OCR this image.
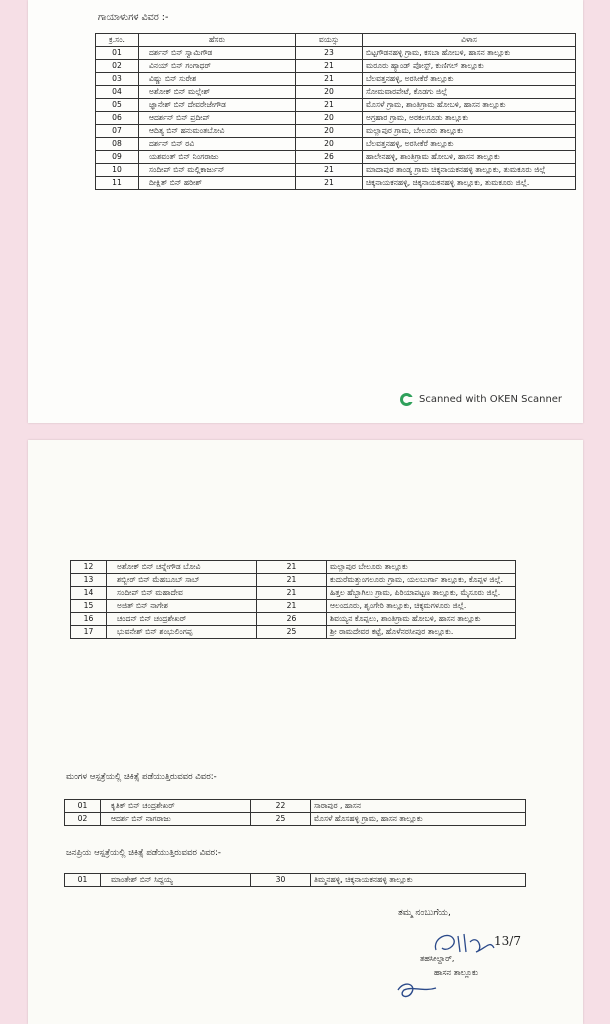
ಗಾಯಾಳುಗಳ ವಿವರ :-
ಕ್ರ.ಸಂ.	ಹೆಸರು	ವಯಸ್ಸು	ವಿಳಾಸ
01	ದರ್ಶನ್ ಬಿನ್ ಸ್ವಾಮಿಗೌಡ	23	ಬಿಟ್ಟಗೌಡನಹಳ್ಳಿ ಗ್ರಾಮ, ಕಸಬಾ ಹೋಬಳಿ, ಹಾಸನ ತಾಲ್ಲೂಕು
02	ವಿನಯ್ ಬಿನ್ ಗಂಗಾಧರ್	21	ಮರೂರು ಹ್ಯಾಂಡ್ ಪೋಸ್ಟ್, ಕುಣಿಗಲ್ ತಾಲ್ಲೂಕು
03	ವಿಷ್ಣು ಬಿನ್ ಸುರೇಶ	21	ಬೆಲವತ್ತನಹಳ್ಳಿ, ಅರಸೀಕೆರೆ ತಾಲ್ಲೂಕು
04	ಅಶೋಕ್ ಬಿನ್ ಮಲ್ಲೇಶ್	20	ಸೋಮವಾರಪೇಟೆ, ಕೊಡಗು ಜಿಲ್ಲೆ
05	ಜ್ಞಾನೇಶ್ ಬಿನ್ ದೇವರೇಜೇಗೌಡ	21	ಮೊಸಳೆ ಗ್ರಾಮ, ಶಾಂತಿಗ್ರಾಮ ಹೋಬಳಿ, ಹಾಸನ ತಾಲ್ಲೂಕು
06	ಆದರ್ಶನ್ ಬಿನ್ ಪ್ರದೀಪ್	20	ಅಗ್ರಹಾರ ಗ್ರಾಮ, ಅರಕಲಗೂಡು ತಾಲ್ಲೂಕು
07	ಆದಿತ್ಯ ಬಿನ್ ಹನುಮಂತಬೋವಿ	20	ಮಲ್ಲಾಪುರ ಗ್ರಾಮ, ಬೇಲೂರು ತಾಲ್ಲೂಕು
08	ದರ್ಶನ್ ಬಿನ್ ರವಿ	20	ಬೆಲವತ್ತನಹಳ್ಳಿ, ಅರಸೀಕೆರೆ ತಾಲ್ಲೂಕು
09	ಯಶವಂತ್ ಬಿನ್ ನಿಂಗರಾಜು	26	ಹಾಲೇನಹಳ್ಳಿ, ಶಾಂತಿಗ್ರಾಮ ಹೋಬಳಿ, ಹಾಸನ ತಾಲ್ಲೂಕು
10	ಸಂದೀಪ್ ಬಿನ್ ಮಲ್ಲಿಕಾರ್ಜುನ್	21	ಮಾದಾಪುರ ತಾಂಡ್ಯ ಗ್ರಾಮ ಚಿಕ್ಕನಾಯಕನಹಳ್ಳಿ ತಾಲ್ಲೂಕು, ತುಮಕೂರು ಜಿಲ್ಲೆ
11	ದೀಕ್ಷಿತ್ ಬಿನ್ ಹರೀಶ್	21	ಚಿಕ್ಕನಾಯಕನಹಳ್ಳಿ, ಚಿಕ್ಕನಾಯಕನಹಳ್ಳಿ ತಾಲ್ಲೂಕು, ತುಮಕೂರು ಜಿಲ್ಲೆ.
Scanned with OKEN Scanner
12	ಅಶೋಕ್ ಬಿನ್ ಚನ್ನೇಗೌಡ ಬೋವಿ	21	ಮಲ್ಲಾಪುರ ಬೇಲೂರು ತಾಲ್ಲೂಕು
13	ಶಬ್ಬೀರ್ ಬಿನ್ ಮೆಹಬೂಬ್ ಸಾಬ್	21	ಕುದುರೆಮತ್ತುಂಗಲೂರು ಗ್ರಾಮ, ಯಲಬುರ್ಗಾ ತಾಲ್ಲೂಕು, ಕೊಪ್ಪಳ ಜಿಲ್ಲೆ.
14	ಸಂದೀಪ್ ಬಿನ್ ಮಹಾದೇವ	21	ಹಿತ್ತಲ ಹೆಬ್ಬಾಗಿಲು ಗ್ರಾಮ, ಪಿರಿಯಾಪಟ್ಟಣ ತಾಲ್ಲೂಕು, ಮೈಸೂರು ಜಿಲ್ಲೆ.
15	ಅಜಿತ್ ಬಿನ್ ನಾಗೇಶ	21	ಆಲಂದೂರು, ಶೃಂಗೇರಿ ತಾಲ್ಲೂಕು, ಚಿಕ್ಕಮಗಳೂರು ಜಿಲ್ಲೆ.
16	ಚಂದನ್ ಬಿನ್ ಚಂದ್ರಶೇಖರ್	26	ಶಿವಯ್ಯನ ಕೊಪ್ಪಲು, ಶಾಂತಿಗ್ರಾಮ ಹೋಬಳಿ, ಹಾಸನ ತಾಲ್ಲೂಕು
17	ಭುವನೇಶ್ ಬಿನ್ ಶಂಭುಲಿಂಗಪ್ಪ	25	ಶ್ರೀ ರಾಮದೇವರ ಕಟ್ಟೆ, ಹೊಳೆನರಸೀಪುರ ತಾಲ್ಲೂಕು.
ಮಂಗಳ ಆಸ್ಪತ್ರೆಯಲ್ಲಿ ಚಿಕಿತ್ಸೆ ಪಡೆಯುತ್ತಿರುವವರ ವಿವರ:-
01	ಕೃತಿಕ್ ಬಿನ್ ಚಂದ್ರಶೇಖರ್	22	ಸಾರಾಪುರ , ಹಾಸನ
02	ಆದರ್ಶ ಬಿನ್ ನಾಗರಾಜು	25	ಮೊಸಳೆ ಹೊಸಹಳ್ಳಿ ಗ್ರಾಮ, ಹಾಸನ ತಾಲ್ಲೂಕು
ಜನಪ್ರಿಯ ಆಸ್ಪತ್ರೆಯಲ್ಲಿ ಚಿಕಿತ್ಸೆ ಪಡೆಯುತ್ತಿರುವವರ ವಿವರ:-
01	ಮಾಂತೇಶ್ ಬಿನ್ ಸಿದ್ದಯ್ಯ	30	ತಿಮ್ಮನಹಳ್ಳಿ, ಚಿಕ್ಕನಾಯಕನಹಳ್ಳಿ ತಾಲ್ಲೂಕು
ತಮ್ಮ ನಂಬುಗೆಯ,
13/7
ತಹಸೀಲ್ದಾರ್,
ಹಾಸನ ತಾಲ್ಲೂಕು
